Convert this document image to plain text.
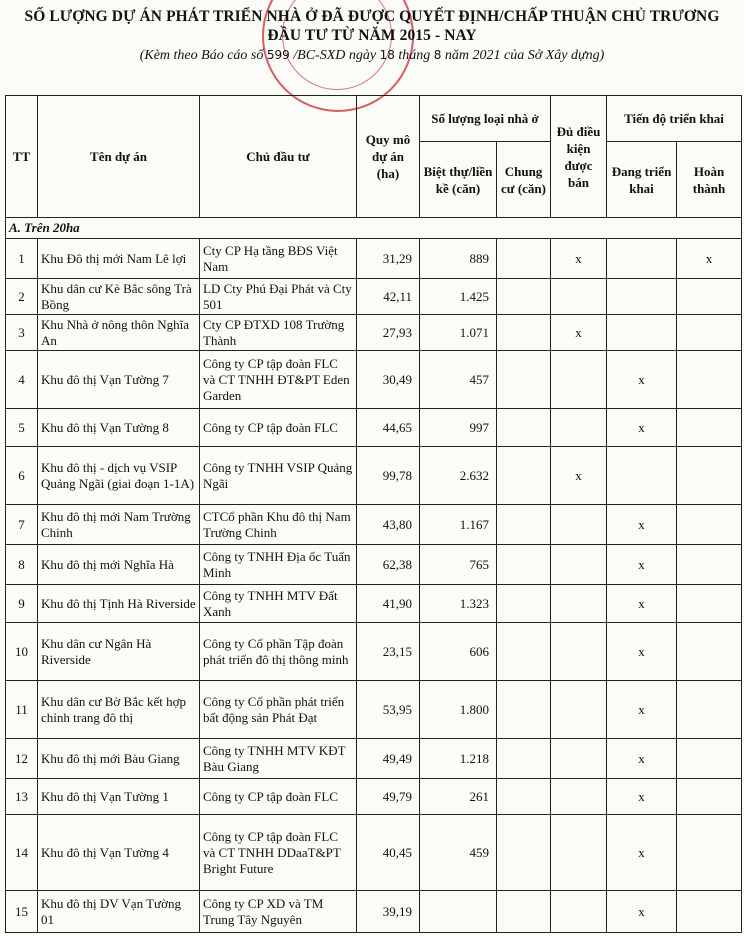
SỐ LƯỢNG DỰ ÁN PHÁT TRIỂN NHÀ Ở ĐÃ ĐƯỢC QUYẾT ĐỊNH/CHẤP THUẬN CHỦ TRƯƠNG
ĐẦU TƯ TỪ NĂM 2015 - NAY
(Kèm theo Báo cáo số 599 /BC-SXD ngày 18 tháng 8 năm 2021 của Sở Xây dựng)
TT	Tên dự án	Chủ đầu tư	Quy mô dự án (ha)	Số lượng loại nhà ở		Đủ điều kiện được bán	Tiến độ triển khai	
				Biệt thự/liền kề (căn)	Chung cư (căn)		Đang triển khai	Hoàn thành
A. Trên 20ha								
1	Khu Đô thị mới Nam Lê lợi	Cty CP Hạ tầng BĐS Việt Nam	31,29	889		x		x
2	Khu dân cư Kè Bắc sông Trà Bồng	LD Cty Phú Đại Phát và Cty 501	42,11	1.425				
3	Khu Nhà ở nông thôn Nghĩa An	Cty CP ĐTXD 108 Trường Thành	27,93	1.071		x		
4	Khu đô thị Vạn Tường 7	Công ty CP tập đoàn FLC và CT TNHH ĐT&PT Eden Garden	30,49	457			x	
5	Khu đô thị Vạn Tường 8	Công ty CP tập đoàn FLC	44,65	997			x	
6	Khu đô thị - dịch vụ VSIP Quảng Ngãi (giai đoạn 1-1A)	Công ty TNHH VSIP Quảng Ngãi	99,78	2.632		x		
7	Khu đô thị mới Nam Trường Chinh	CTCổ phần Khu đô thị Nam Trường Chinh	43,80	1.167			x	
8	Khu đô thị mới Nghĩa Hà	Công ty TNHH Địa ốc Tuấn Minh	62,38	765			x	
9	Khu đô thị Tịnh Hà Riverside	Công ty TNHH MTV Đất Xanh	41,90	1.323			x	
10	Khu dân cư Ngân Hà Riverside	Công ty Cổ phần Tập đoàn phát triển đô thị thông minh	23,15	606			x	
11	Khu dân cư Bờ Bắc kết hợp chỉnh trang đô thị	Công ty Cổ phần phát triển bất động sản Phát Đạt	53,95	1.800			x	
12	Khu đô thị mới Bàu Giang	Công ty TNHH MTV KĐT Bàu Giang	49,49	1.218			x	
13	Khu đô thị Vạn Tường 1	Công ty CP tập đoàn FLC	49,79	261			x	
14	Khu đô thị Vạn Tường 4	Công ty CP tập đoàn FLC và CT TNHH DDaaT&PT Bright Future	40,45	459			x	
15	Khu đô thị DV Vạn Tường 01	Công ty CP XD và TM Trung Tây Nguyên	39,19				x	
